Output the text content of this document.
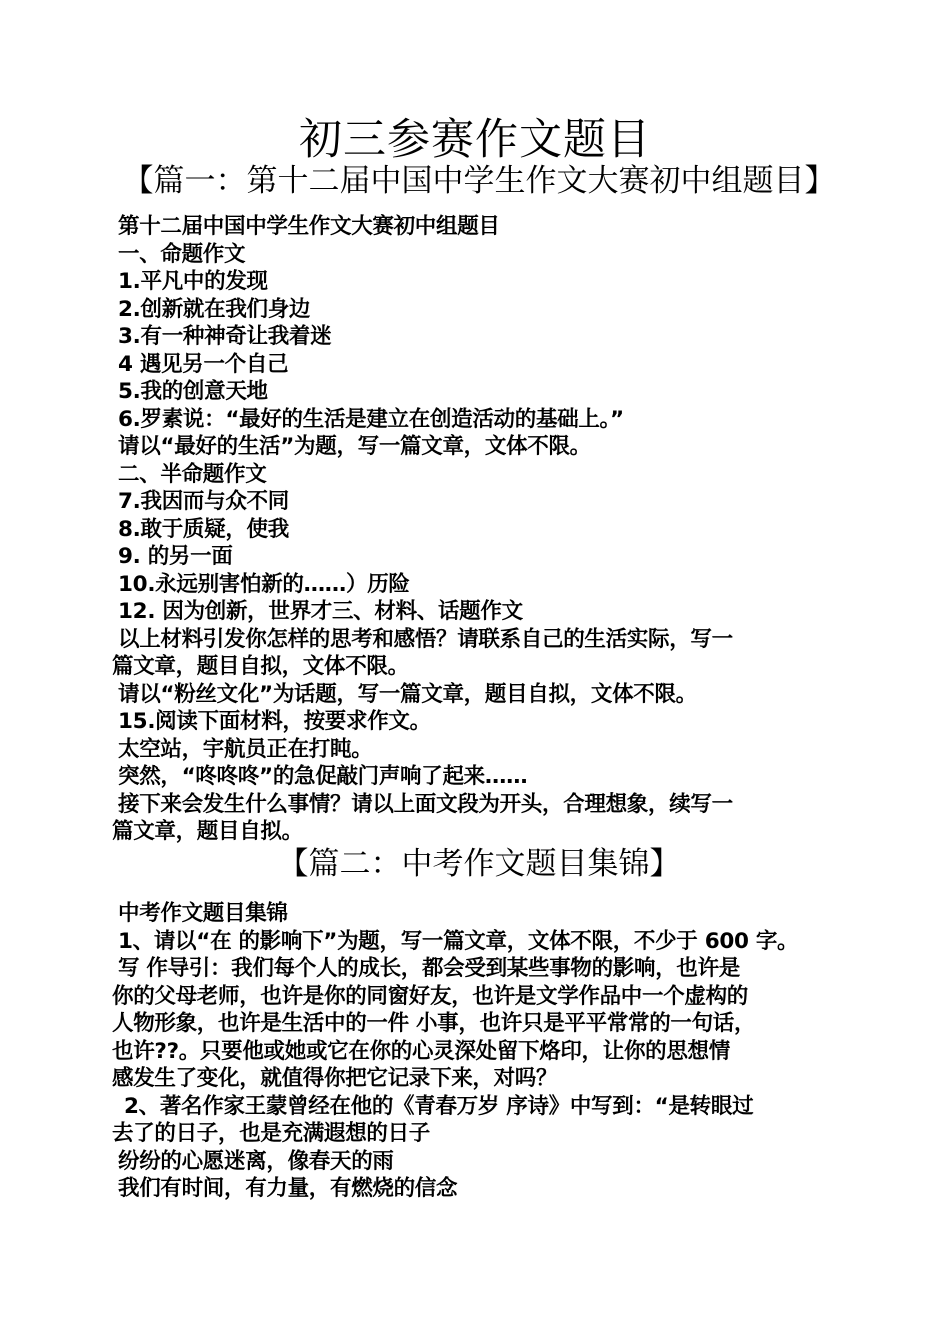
初三参赛作文题目
【篇一：第十二届中国中学生作文大赛初中组题目】
第十二届中国中学生作文大赛初中组题目
一、命题作文
1.平凡中的发现
2.创新就在我们身边
3.有一种神奇让我着迷
4 遇见另一个自己
5.我的创意天地
6.罗素说：“最好的生活是建立在创造活动的基础上。”
请以“最好的生活”为题，写一篇文章，文体不限。
二、半命题作文
7.我因而与众不同
8.敢于质疑，使我
9. 的另一面
10.永远别害怕新的……）历险
12. 因为创新，世界才三、材料、话题作文
以上材料引发你怎样的思考和感悟？请联系自己的生活实际，写一
篇文章，题目自拟，文体不限。
请以“粉丝文化”为话题，写一篇文章，题目自拟，文体不限。
15.阅读下面材料，按要求作文。
太空站，宇航员正在打盹。
突然，“咚咚咚”的急促敲门声响了起来……
接下来会发生什么事情？请以上面文段为开头，合理想象，续写一
篇文章，题目自拟。
【篇二：中考作文题目集锦】
中考作文题目集锦
1、请以“在 的影响下”为题，写一篇文章，文体不限，不少于 600 字。
写 作导引：我们每个人的成长，都会受到某些事物的影响，也许是
你的父母老师，也许是你的同窗好友，也许是文学作品中一个虚构的
人物形象，也许是生活中的一件 小事，也许只是平平常常的一句话，
也许??。只要他或她或它在你的心灵深处留下烙印，让你的思想情
感发生了变化，就值得你把它记录下来，对吗？
2、著名作家王蒙曾经在他的《青春万岁 序诗》中写到：“是转眼过
去了的日子，也是充满遐想的日子
纷纷的心愿迷离，像春天的雨
我们有时间，有力量，有燃烧的信念
